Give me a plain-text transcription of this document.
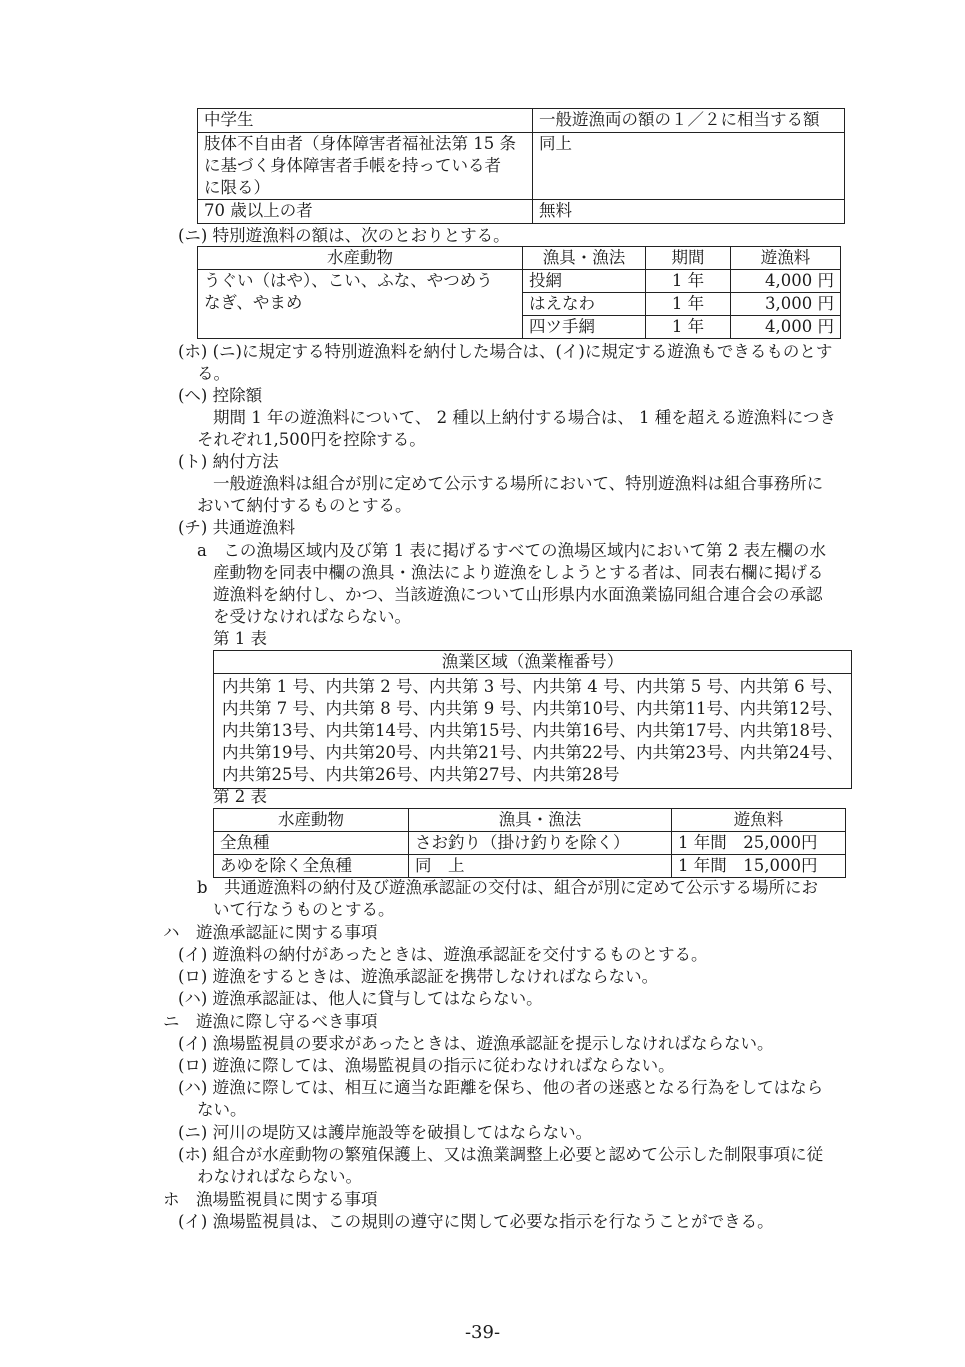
中学生	一般遊漁両の額の１／２に相当する額

肢体不自由者（身体障害者福祉法第 15 条
に基づく身体障害者手帳を持っている者
に限る）	同上
70 歳以上の者	無料
(ニ) 特別遊漁料の額は、次のとおりとする。
水産動物	漁具・漁法	期間	遊漁料

うぐい（はや）、こい、ふな、やつめう
なぎ、やまめ	投網	1 年	4,000 円
	はえなわ	1 年	3,000 円
	四ツ手網	1 年	4,000 円
(ホ) (ニ)に規定する特別遊漁料を納付した場合は、(イ)に規定する遊漁もできるものとす
る。
(ヘ) 控除額
期間 1 年の遊漁料について、 2 種以上納付する場合は、 1 種を超える遊漁料につき
それぞれ1,500円を控除する。
(ト) 納付方法
一般遊漁料は組合が別に定めて公示する場所において、特別遊漁料は組合事務所に
おいて納付するものとする。
(チ) 共通遊漁料
a　この漁場区域内及び第 1 表に掲げるすべての漁場区域内において第 2 表左欄の水
産動物を同表中欄の漁具・漁法により遊漁をしようとする者は、同表右欄に掲げる
遊漁料を納付し、かつ、当該遊漁について山形県内水面漁業協同組合連合会の承認
を受けなければならない。
第 1 表
漁業区域（漁業権番号）

内共第 1 号、内共第 2 号、内共第 3 号、内共第 4 号、内共第 5 号、内共第 6 号、
内共第 7 号、内共第 8 号、内共第 9 号、内共第10号、内共第11号、内共第12号、
内共第13号、内共第14号、内共第15号、内共第16号、内共第17号、内共第18号、
内共第19号、内共第20号、内共第21号、内共第22号、内共第23号、内共第24号、
内共第25号、内共第26号、内共第27号、内共第28号
第 2 表
水産動物	漁具・漁法	遊魚料
全魚種	さお釣り（掛け釣りを除く）	1 年間　25,000円
あゆを除く全魚種	同　上	1 年間　15,000円
b　共通遊漁料の納付及び遊漁承認証の交付は、組合が別に定めて公示する場所にお
いて行なうものとする。
ハ　遊漁承認証に関する事項
(イ) 遊漁料の納付があったときは、遊漁承認証を交付するものとする。
(ロ) 遊漁をするときは、遊漁承認証を携帯しなければならない。
(ハ) 遊漁承認証は、他人に貸与してはならない。
ニ　遊漁に際し守るべき事項
(イ) 漁場監視員の要求があったときは、遊漁承認証を提示しなければならない。
(ロ) 遊漁に際しては、漁場監視員の指示に従わなければならない。
(ハ) 遊漁に際しては、相互に適当な距離を保ち、他の者の迷惑となる行為をしてはなら
ない。
(ニ) 河川の堤防又は護岸施設等を破損してはならない。
(ホ) 組合が水産動物の繁殖保護上、又は漁業調整上必要と認めて公示した制限事項に従
わなければならない。
ホ　漁場監視員に関する事項
(イ) 漁場監視員は、この規則の遵守に関して必要な指示を行なうことができる。
-39-
